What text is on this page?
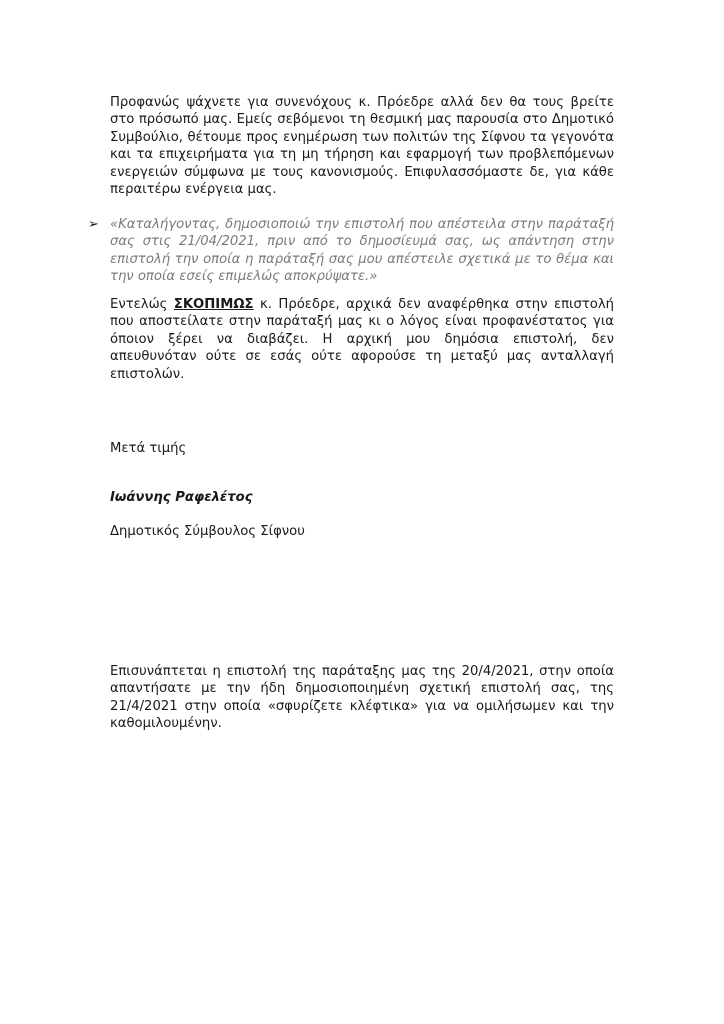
Προφανώς ψάχνετε για συνενόχους κ. Πρόεδρε αλλά δεν θα τους βρείτε
στο πρόσωπό μας. Εμείς σεβόμενοι τη θεσμική μας παρουσία στο Δημοτικό
Συμβούλιο, θέτουμε προς ενημέρωση των πολιτών της Σίφνου τα γεγονότα
και τα επιχειρήματα για τη μη τήρηση και εφαρμογή των προβλεπόμενων
ενεργειών σύμφωνα με τους κανονισμούς. Επιφυλασσόμαστε δε, για κάθε
περαιτέρω ενέργεια μας.

➢ «Καταλήγοντας, δημοσιοποιώ την επιστολή που απέστειλα στην παράταξή
σας στις 21/04/2021, πριν από το δημοσίευμά σας, ως απάντηση στην
επιστολή την οποία η παράταξή σας μου απέστειλε σχετικά με το θέμα και
την οποία εσείς επιμελώς αποκρύψατε.»

Εντελώς ΣΚΟΠΙΜΩΣ κ. Πρόεδρε, αρχικά δεν αναφέρθηκα στην επιστολή
που αποστείλατε στην παράταξή μας κι ο λόγος είναι προφανέστατος για
όποιον ξέρει να διαβάζει. Η αρχική μου δημόσια επιστολή, δεν
απευθυνόταν ούτε σε εσάς ούτε αφορούσε τη μεταξύ μας ανταλλαγή
επιστολών.

Μετά τιμής

Ιωάννης Ραφελέτος

Δημοτικός Σύμβουλος Σίφνου

Επισυνάπτεται η επιστολή της παράταξης μας της 20/4/2021, στην οποία
απαντήσατε με την ήδη δημοσιοποιημένη σχετική επιστολή σας, της
21/4/2021 στην οποία «σφυρίζετε κλέφτικα» για να ομιλήσωμεν και την
καθομιλουμένην.
